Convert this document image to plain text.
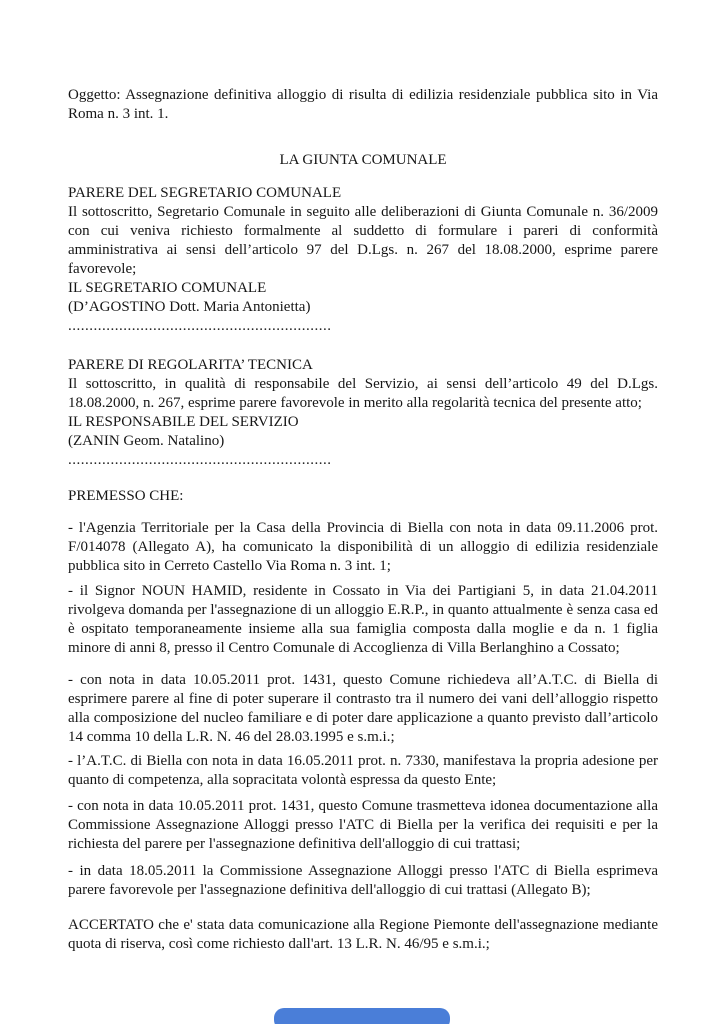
Oggetto: Assegnazione definitiva alloggio di risulta di edilizia residenziale pubblica sito in Via Roma n. 3 int. 1.

LA GIUNTA COMUNALE

PARERE DEL SEGRETARIO COMUNALE

Il sottoscritto, Segretario Comunale in seguito alle deliberazioni di Giunta Comunale n. 36/2009 con cui veniva richiesto formalmente al suddetto di formulare i pareri di conformità amministrativa ai sensi dell’articolo 97 del D.Lgs. n. 267 del 18.08.2000, esprime parere favorevole;

IL SEGRETARIO COMUNALE

(D’AGOSTINO Dott. Maria Antonietta)

..............................................................

PARERE DI REGOLARITA’ TECNICA

Il sottoscritto, in qualità di responsabile del Servizio, ai sensi dell’articolo 49 del D.Lgs. 18.08.2000, n. 267, esprime parere favorevole in merito alla regolarità tecnica del presente atto;

IL RESPONSABILE DEL SERVIZIO

(ZANIN Geom. Natalino)

..............................................................

PREMESSO CHE:

- l'Agenzia Territoriale per la Casa della Provincia di Biella con nota in data 09.11.2006 prot. F/014078 (Allegato A), ha comunicato la disponibilità di un alloggio di edilizia residenziale pubblica sito in Cerreto Castello Via Roma n. 3 int. 1;

- il Signor NOUN HAMID, residente in Cossato in Via dei Partigiani 5, in data 21.04.2011 rivolgeva domanda per l'assegnazione di un alloggio E.R.P., in quanto attualmente è senza casa ed è ospitato temporaneamente insieme alla sua famiglia composta dalla moglie e da n. 1 figlia minore di anni 8, presso il Centro Comunale di Accoglienza di Villa Berlanghino a Cossato;

- con nota in data 10.05.2011 prot. 1431, questo Comune richiedeva all’A.T.C. di Biella di esprimere parere al fine di poter superare il contrasto tra il numero dei vani dell’alloggio rispetto alla composizione del nucleo familiare e di poter dare applicazione a quanto previsto dall’articolo 14 comma 10 della L.R. N. 46 del 28.03.1995 e s.m.i.;

- l’A.T.C. di Biella con nota in data 16.05.2011 prot. n. 7330, manifestava la propria adesione per quanto di competenza, alla sopracitata volontà espressa da questo Ente;

- con nota in data 10.05.2011 prot. 1431, questo Comune trasmetteva idonea documentazione alla Commissione Assegnazione Alloggi presso l'ATC di Biella per la verifica dei requisiti e per la richiesta del parere per l'assegnazione definitiva dell'alloggio di cui trattasi;

- in data 18.05.2011 la Commissione Assegnazione Alloggi presso l'ATC di Biella esprimeva parere favorevole per l'assegnazione definitiva dell'alloggio di cui trattasi (Allegato B);

ACCERTATO che e' stata data comunicazione alla Regione Piemonte dell'assegnazione mediante quota di riserva, così come richiesto dall'art. 13 L.R. N. 46/95 e s.m.i.;
